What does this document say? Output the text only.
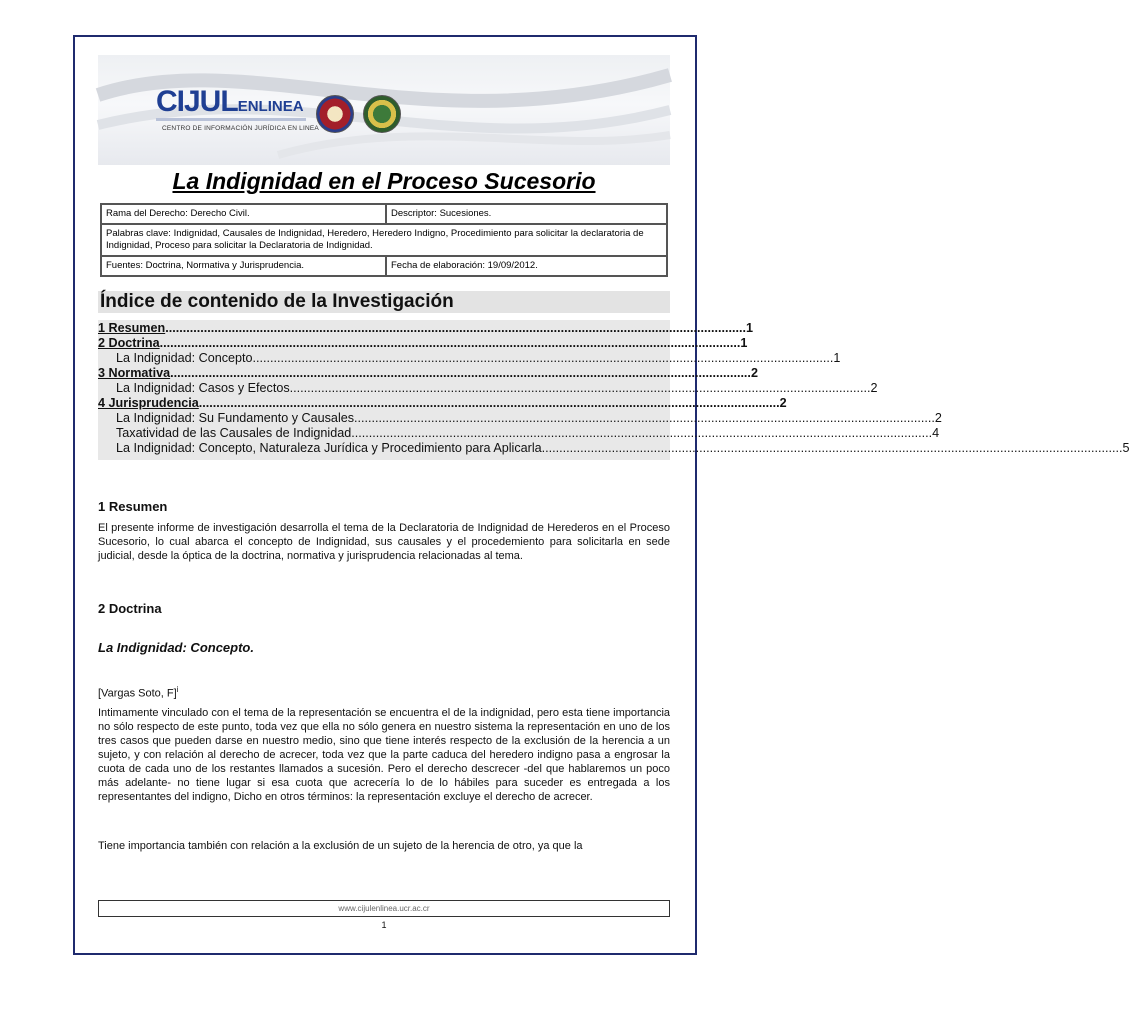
CIJULENLINEA
CENTRO DE INFORMACIÓN JURÍDICA EN LINEA
La Indignidad en el Proceso Sucesorio
Rama del Derecho: Derecho Civil.	Descriptor: Sucesiones.
Palabras clave: Indignidad, Causales de Indignidad, Heredero, Heredero Indigno, Procedimiento para solicitar la declaratoria de Indignidad, Proceso para solicitar la Declaratoria de Indignidad.	
Fuentes: Doctrina, Normativa y Jurisprudencia.	Fecha de elaboración: 19/09/2012.
Índice de contenido de la Investigación
1 Resumen ...................................................................................................................................................................... 1
2 Doctrina ...................................................................................................................................................................... 1
La Indignidad: Concepto ...................................................................................................................................................................... 1
3 Normativa ...................................................................................................................................................................... 2
La Indignidad: Casos y Efectos ...................................................................................................................................................................... 2
4 Jurisprudencia ...................................................................................................................................................................... 2
La Indignidad: Su Fundamento y Causales ...................................................................................................................................................................... 2
Taxatividad de las Causales de Indignidad ...................................................................................................................................................................... 4
La Indignidad: Concepto, Naturaleza Jurídica y Procedimiento para Aplicarla ...................................................................................................................................................................... 5
1 Resumen
El presente informe de investigación desarrolla el tema de la Declaratoria de Indignidad de Herederos en el Proceso Sucesorio, lo cual abarca el concepto de Indignidad, sus causales y el procedemiento para solicitarla en sede judicial, desde la óptica de la doctrina, normativa y jurisprudencia relacionadas al tema.
2 Doctrina
La Indignidad: Concepto.
[Vargas Soto, F]$^i$
Intimamente vinculado con el tema de la representación se encuentra el de la indignidad, pero esta tiene importancia no sólo respecto de este punto, toda vez que ella no sólo genera en nuestro sistema la representación en uno de los tres casos que pueden darse en nuestro medio, sino que tiene interés respecto de la exclusión de la herencia a un sujeto, y con relación al derecho de acrecer, toda vez que la parte caduca del heredero indigno pasa a engrosar la cuota de cada uno de los restantes llamados a sucesión. Pero el derecho descrecer -del que hablaremos un poco más adelante- no tiene lugar si esa cuota que acrecería lo de lo hábiles para suceder es entregada a los representantes del indigno, Dicho en otros términos: la representación excluye el derecho de acrecer.
Tiene importancia también con relación a la exclusión de un sujeto de la herencia de otro, ya que la
www.cijulenlinea.ucr.ac.cr
1
